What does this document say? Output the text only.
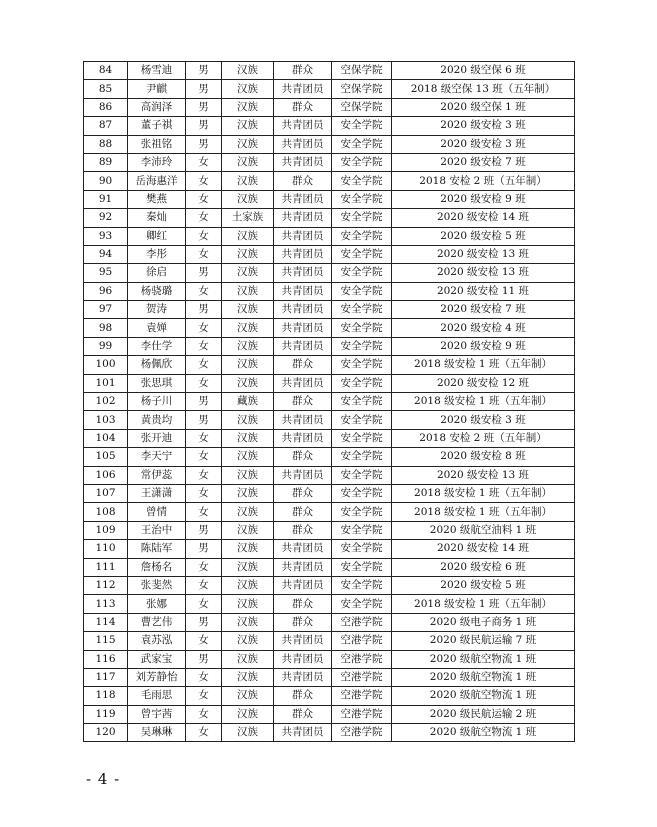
84	杨雪迪	男	汉族	群众	空保学院	2020 级空保 6 班
85	尹麒	男	汉族	共青团员	空保学院	2018 级空保 13 班（五年制）
86	高润泽	男	汉族	群众	空保学院	2020 级空保 1 班
87	董子祺	男	汉族	共青团员	安全学院	2020 级安检 3 班
88	张祖铭	男	汉族	共青团员	安全学院	2020 级安检 3 班
89	李沛玲	女	汉族	共青团员	安全学院	2020 级安检 7 班
90	岳海惠洋	女	汉族	群众	安全学院	2018 安检 2 班（五年制）
91	樊燕	女	汉族	共青团员	安全学院	2020 级安检 9 班
92	秦灿	女	土家族	共青团员	安全学院	2020 级安检 14 班
93	卿红	女	汉族	共青团员	安全学院	2020 级安检 5 班
94	李彤	女	汉族	共青团员	安全学院	2020 级安检 13 班
95	徐启	男	汉族	共青团员	安全学院	2020 级安检 13 班
96	杨骁璐	女	汉族	共青团员	安全学院	2020 级安检 11 班
97	贺涛	男	汉族	共青团员	安全学院	2020 级安检 7 班
98	袁婵	女	汉族	共青团员	安全学院	2020 级安检 4 班
99	李仕学	女	汉族	共青团员	安全学院	2020 级安检 9 班
100	杨佩欣	女	汉族	群众	安全学院	2018 级安检 1 班（五年制）
101	张思琪	女	汉族	共青团员	安全学院	2020 级安检 12 班
102	杨子川	男	藏族	群众	安全学院	2018 级安检 1 班（五年制）
103	黄贵均	男	汉族	共青团员	安全学院	2020 级安检 3 班
104	张开迪	女	汉族	共青团员	安全学院	2018 安检 2 班（五年制）
105	李天宁	女	汉族	群众	安全学院	2020 级安检 8 班
106	常伊蕊	女	汉族	共青团员	安全学院	2020 级安检 13 班
107	王潇潇	女	汉族	群众	安全学院	2018 级安检 1 班（五年制）
108	曾情	女	汉族	群众	安全学院	2018 级安检 1 班（五年制）
109	王治中	男	汉族	群众	安全学院	2020 级航空油料 1 班
110	陈陆军	男	汉族	共青团员	安全学院	2020 级安检 14 班
111	詹杨名	女	汉族	共青团员	安全学院	2020 级安检 6 班
112	张斐然	女	汉族	共青团员	安全学院	2020 级安检 5 班
113	张娜	女	汉族	群众	安全学院	2018 级安检 1 班（五年制）
114	曹艺伟	男	汉族	群众	空港学院	2020 级电子商务 1 班
115	袁苏泓	女	汉族	共青团员	空港学院	2020 级民航运输 7 班
116	武家宝	男	汉族	共青团员	空港学院	2020 级航空物流 1 班
117	刘芳静怡	女	汉族	共青团员	空港学院	2020 级航空物流 1 班
118	毛雨思	女	汉族	群众	空港学院	2020 级航空物流 1 班
119	曾宇茜	女	汉族	群众	空港学院	2020 级民航运输 2 班
120	吴琳琳	女	汉族	共青团员	空港学院	2020 级航空物流 1 班
- 4 -
